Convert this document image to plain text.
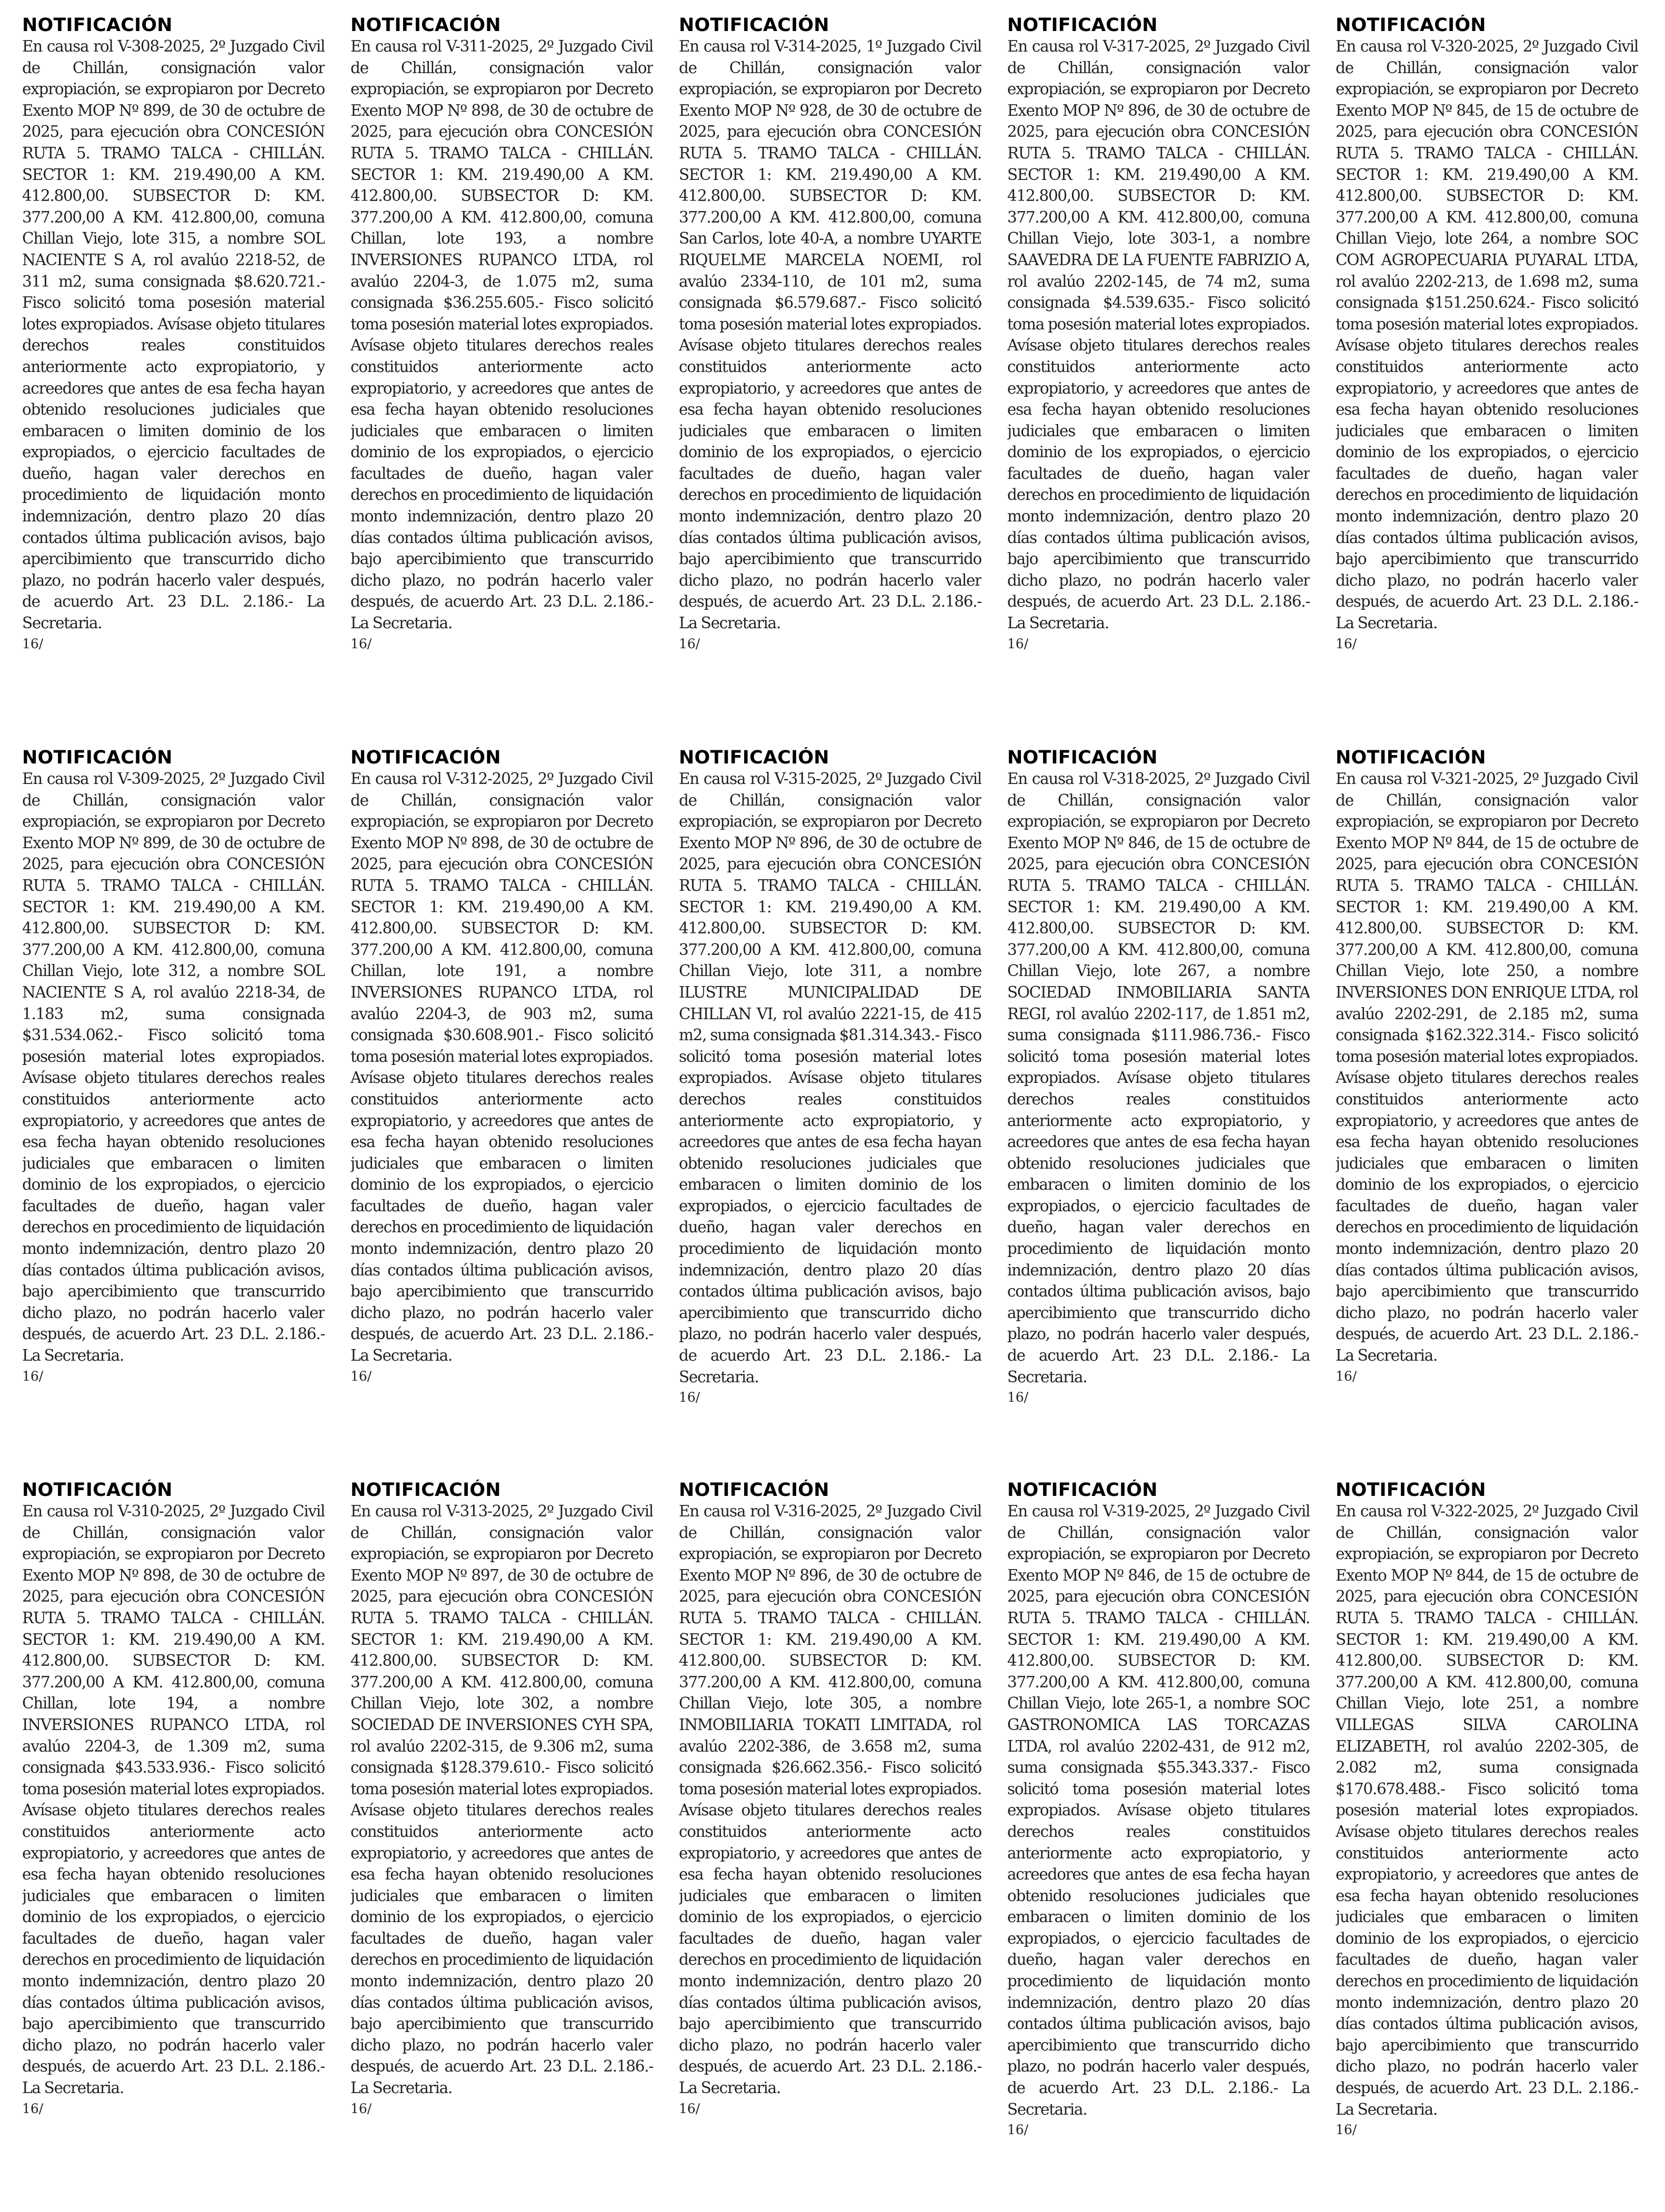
NOTIFICACIÓN

En causa rol V-308-2025, 2º Juzgado Civil de Chillán, consignación valor expropiación, se expropiaron por Decreto Exento MOP Nº 899, de 30 de octubre de 2025, para ejecución obra CONCESIÓN RUTA 5. TRAMO TALCA - CHILLÁN. SECTOR 1: KM. 219.490,00 A KM. 412.800,00. SUBSECTOR D: KM. 377.200,00 A KM. 412.800,00, comuna Chillan Viejo, lote 315, a nombre SOL NACIENTE S A, rol avalúo 2218-52, de 311 m2, suma consignada $8.620.721.- Fisco solicitó toma posesión material lotes expropiados. Avísase objeto titulares derechos reales constituidos anteriormente acto expropiatorio, y acreedores que antes de esa fecha hayan obtenido resoluciones judiciales que embaracen o limiten dominio de los expropiados, o ejercicio facultades de dueño, hagan valer derechos en procedimiento de liquidación monto indemnización, dentro plazo 20 días contados última publicación avisos, bajo apercibimiento que transcurrido dicho plazo, no podrán hacerlo valer después, de acuerdo Art. 23 D.L. 2.186.- La Secretaria.

16/
NOTIFICACIÓN

En causa rol V-311-2025, 2º Juzgado Civil de Chillán, consignación valor expropiación, se expropiaron por Decreto Exento MOP Nº 898, de 30 de octubre de 2025, para ejecución obra CONCESIÓN RUTA 5. TRAMO TALCA - CHILLÁN. SECTOR 1: KM. 219.490,00 A KM. 412.800,00. SUBSECTOR D: KM. 377.200,00 A KM. 412.800,00, comuna Chillan, lote 193, a nombre INVERSIONES RUPANCO LTDA, rol avalúo 2204-3, de 1.075 m2, suma consignada $36.255.605.- Fisco solicitó toma posesión material lotes expropiados. Avísase objeto titulares derechos reales constituidos anteriormente acto expropiatorio, y acreedores que antes de esa fecha hayan obtenido resoluciones judiciales que embaracen o limiten dominio de los expropiados, o ejercicio facultades de dueño, hagan valer derechos en procedimiento de liquidación monto indemnización, dentro plazo 20 días contados última publicación avisos, bajo apercibimiento que transcurrido dicho plazo, no podrán hacerlo valer después, de acuerdo Art. 23 D.L. 2.186.- La Secretaria.

16/
NOTIFICACIÓN

En causa rol V-314-2025, 1º Juzgado Civil de Chillán, consignación valor expropiación, se expropiaron por Decreto Exento MOP Nº 928, de 30 de octubre de 2025, para ejecución obra CONCESIÓN RUTA 5. TRAMO TALCA - CHILLÁN. SECTOR 1: KM. 219.490,00 A KM. 412.800,00. SUBSECTOR D: KM. 377.200,00 A KM. 412.800,00, comuna San Carlos, lote 40-A, a nombre UYARTE RIQUELME MARCELA NOEMI, rol avalúo 2334-110, de 101 m2, suma consignada $6.579.687.- Fisco solicitó toma posesión material lotes expropiados. Avísase objeto titulares derechos reales constituidos anteriormente acto expropiatorio, y acreedores que antes de esa fecha hayan obtenido resoluciones judiciales que embaracen o limiten dominio de los expropiados, o ejercicio facultades de dueño, hagan valer derechos en procedimiento de liquidación monto indemnización, dentro plazo 20 días contados última publicación avisos, bajo apercibimiento que transcurrido dicho plazo, no podrán hacerlo valer después, de acuerdo Art. 23 D.L. 2.186.- La Secretaria.

16/
NOTIFICACIÓN

En causa rol V-317-2025, 2º Juzgado Civil de Chillán, consignación valor expropiación, se expropiaron por Decreto Exento MOP Nº 896, de 30 de octubre de 2025, para ejecución obra CONCESIÓN RUTA 5. TRAMO TALCA - CHILLÁN. SECTOR 1: KM. 219.490,00 A KM. 412.800,00. SUBSECTOR D: KM. 377.200,00 A KM. 412.800,00, comuna Chillan Viejo, lote 303-1, a nombre SAAVEDRA DE LA FUENTE FABRIZIO A, rol avalúo 2202-145, de 74 m2, suma consignada $4.539.635.- Fisco solicitó toma posesión material lotes expropiados. Avísase objeto titulares derechos reales constituidos anteriormente acto expropiatorio, y acreedores que antes de esa fecha hayan obtenido resoluciones judiciales que embaracen o limiten dominio de los expropiados, o ejercicio facultades de dueño, hagan valer derechos en procedimiento de liquidación monto indemnización, dentro plazo 20 días contados última publicación avisos, bajo apercibimiento que transcurrido dicho plazo, no podrán hacerlo valer después, de acuerdo Art. 23 D.L. 2.186.- La Secretaria.

16/
NOTIFICACIÓN

En causa rol V-320-2025, 2º Juzgado Civil de Chillán, consignación valor expropiación, se expropiaron por Decreto Exento MOP Nº 845, de 15 de octubre de 2025, para ejecución obra CONCESIÓN RUTA 5. TRAMO TALCA - CHILLÁN. SECTOR 1: KM. 219.490,00 A KM. 412.800,00. SUBSECTOR D: KM. 377.200,00 A KM. 412.800,00, comuna Chillan Viejo, lote 264, a nombre SOC COM AGROPECUARIA PUYARAL LTDA, rol avalúo 2202-213, de 1.698 m2, suma consignada $151.250.624.- Fisco solicitó toma posesión material lotes expropiados. Avísase objeto titulares derechos reales constituidos anteriormente acto expropiatorio, y acreedores que antes de esa fecha hayan obtenido resoluciones judiciales que embaracen o limiten dominio de los expropiados, o ejercicio facultades de dueño, hagan valer derechos en procedimiento de liquidación monto indemnización, dentro plazo 20 días contados última publicación avisos, bajo apercibimiento que transcurrido dicho plazo, no podrán hacerlo valer después, de acuerdo Art. 23 D.L. 2.186.- La Secretaria.

16/
NOTIFICACIÓN

En causa rol V-309-2025, 2º Juzgado Civil de Chillán, consignación valor expropiación, se expropiaron por Decreto Exento MOP Nº 899, de 30 de octubre de 2025, para ejecución obra CONCESIÓN RUTA 5. TRAMO TALCA - CHILLÁN. SECTOR 1: KM. 219.490,00 A KM. 412.800,00. SUBSECTOR D: KM. 377.200,00 A KM. 412.800,00, comuna Chillan Viejo, lote 312, a nombre SOL NACIENTE S A, rol avalúo 2218-34, de 1.183 m2, suma consignada $31.534.062.- Fisco solicitó toma posesión material lotes expropiados. Avísase objeto titulares derechos reales constituidos anteriormente acto expropiatorio, y acreedores que antes de esa fecha hayan obtenido resoluciones judiciales que embaracen o limiten dominio de los expropiados, o ejercicio facultades de dueño, hagan valer derechos en procedimiento de liquidación monto indemnización, dentro plazo 20 días contados última publicación avisos, bajo apercibimiento que transcurrido dicho plazo, no podrán hacerlo valer después, de acuerdo Art. 23 D.L. 2.186.- La Secretaria.

16/
NOTIFICACIÓN

En causa rol V-312-2025, 2º Juzgado Civil de Chillán, consignación valor expropiación, se expropiaron por Decreto Exento MOP Nº 898, de 30 de octubre de 2025, para ejecución obra CONCESIÓN RUTA 5. TRAMO TALCA - CHILLÁN. SECTOR 1: KM. 219.490,00 A KM. 412.800,00. SUBSECTOR D: KM. 377.200,00 A KM. 412.800,00, comuna Chillan, lote 191, a nombre INVERSIONES RUPANCO LTDA, rol avalúo 2204-3, de 903 m2, suma consignada $30.608.901.- Fisco solicitó toma posesión material lotes expropiados. Avísase objeto titulares derechos reales constituidos anteriormente acto expropiatorio, y acreedores que antes de esa fecha hayan obtenido resoluciones judiciales que embaracen o limiten dominio de los expropiados, o ejercicio facultades de dueño, hagan valer derechos en procedimiento de liquidación monto indemnización, dentro plazo 20 días contados última publicación avisos, bajo apercibimiento que transcurrido dicho plazo, no podrán hacerlo valer después, de acuerdo Art. 23 D.L. 2.186.- La Secretaria.

16/
NOTIFICACIÓN

En causa rol V-315-2025, 2º Juzgado Civil de Chillán, consignación valor expropiación, se expropiaron por Decreto Exento MOP Nº 896, de 30 de octubre de 2025, para ejecución obra CONCESIÓN RUTA 5. TRAMO TALCA - CHILLÁN. SECTOR 1: KM. 219.490,00 A KM. 412.800,00. SUBSECTOR D: KM. 377.200,00 A KM. 412.800,00, comuna Chillan Viejo, lote 311, a nombre ILUSTRE MUNICIPALIDAD DE CHILLAN VI, rol avalúo 2221-15, de 415 m2, suma consignada $81.314.343.- Fisco solicitó toma posesión material lotes expropiados. Avísase objeto titulares derechos reales constituidos anteriormente acto expropiatorio, y acreedores que antes de esa fecha hayan obtenido resoluciones judiciales que embaracen o limiten dominio de los expropiados, o ejercicio facultades de dueño, hagan valer derechos en procedimiento de liquidación monto indemnización, dentro plazo 20 días contados última publicación avisos, bajo apercibimiento que transcurrido dicho plazo, no podrán hacerlo valer después, de acuerdo Art. 23 D.L. 2.186.- La Secretaria.

16/
NOTIFICACIÓN

En causa rol V-318-2025, 2º Juzgado Civil de Chillán, consignación valor expropiación, se expropiaron por Decreto Exento MOP Nº 846, de 15 de octubre de 2025, para ejecución obra CONCESIÓN RUTA 5. TRAMO TALCA - CHILLÁN. SECTOR 1: KM. 219.490,00 A KM. 412.800,00. SUBSECTOR D: KM. 377.200,00 A KM. 412.800,00, comuna Chillan Viejo, lote 267, a nombre SOCIEDAD INMOBILIARIA SANTA REGI, rol avalúo 2202-117, de 1.851 m2, suma consignada $111.986.736.- Fisco solicitó toma posesión material lotes expropiados. Avísase objeto titulares derechos reales constituidos anteriormente acto expropiatorio, y acreedores que antes de esa fecha hayan obtenido resoluciones judiciales que embaracen o limiten dominio de los expropiados, o ejercicio facultades de dueño, hagan valer derechos en procedimiento de liquidación monto indemnización, dentro plazo 20 días contados última publicación avisos, bajo apercibimiento que transcurrido dicho plazo, no podrán hacerlo valer después, de acuerdo Art. 23 D.L. 2.186.- La Secretaria.

16/
NOTIFICACIÓN

En causa rol V-321-2025, 2º Juzgado Civil de Chillán, consignación valor expropiación, se expropiaron por Decreto Exento MOP Nº 844, de 15 de octubre de 2025, para ejecución obra CONCESIÓN RUTA 5. TRAMO TALCA - CHILLÁN. SECTOR 1: KM. 219.490,00 A KM. 412.800,00. SUBSECTOR D: KM. 377.200,00 A KM. 412.800,00, comuna Chillan Viejo, lote 250, a nombre INVERSIONES DON ENRIQUE LTDA, rol avalúo 2202-291, de 2.185 m2, suma consignada $162.322.314.- Fisco solicitó toma posesión material lotes expropiados. Avísase objeto titulares derechos reales constituidos anteriormente acto expropiatorio, y acreedores que antes de esa fecha hayan obtenido resoluciones judiciales que embaracen o limiten dominio de los expropiados, o ejercicio facultades de dueño, hagan valer derechos en procedimiento de liquidación monto indemnización, dentro plazo 20 días contados última publicación avisos, bajo apercibimiento que transcurrido dicho plazo, no podrán hacerlo valer después, de acuerdo Art. 23 D.L. 2.186.- La Secretaria.

16/
NOTIFICACIÓN

En causa rol V-310-2025, 2º Juzgado Civil de Chillán, consignación valor expropiación, se expropiaron por Decreto Exento MOP Nº 898, de 30 de octubre de 2025, para ejecución obra CONCESIÓN RUTA 5. TRAMO TALCA - CHILLÁN. SECTOR 1: KM. 219.490,00 A KM. 412.800,00. SUBSECTOR D: KM. 377.200,00 A KM. 412.800,00, comuna Chillan, lote 194, a nombre INVERSIONES RUPANCO LTDA, rol avalúo 2204-3, de 1.309 m2, suma consignada $43.533.936.- Fisco solicitó toma posesión material lotes expropiados. Avísase objeto titulares derechos reales constituidos anteriormente acto expropiatorio, y acreedores que antes de esa fecha hayan obtenido resoluciones judiciales que embaracen o limiten dominio de los expropiados, o ejercicio facultades de dueño, hagan valer derechos en procedimiento de liquidación monto indemnización, dentro plazo 20 días contados última publicación avisos, bajo apercibimiento que transcurrido dicho plazo, no podrán hacerlo valer después, de acuerdo Art. 23 D.L. 2.186.- La Secretaria.

16/
NOTIFICACIÓN

En causa rol V-313-2025, 2º Juzgado Civil de Chillán, consignación valor expropiación, se expropiaron por Decreto Exento MOP Nº 897, de 30 de octubre de 2025, para ejecución obra CONCESIÓN RUTA 5. TRAMO TALCA - CHILLÁN. SECTOR 1: KM. 219.490,00 A KM. 412.800,00. SUBSECTOR D: KM. 377.200,00 A KM. 412.800,00, comuna Chillan Viejo, lote 302, a nombre SOCIEDAD DE INVERSIONES CYH SPA, rol avalúo 2202-315, de 9.306 m2, suma consignada $128.379.610.- Fisco solicitó toma posesión material lotes expropiados. Avísase objeto titulares derechos reales constituidos anteriormente acto expropiatorio, y acreedores que antes de esa fecha hayan obtenido resoluciones judiciales que embaracen o limiten dominio de los expropiados, o ejercicio facultades de dueño, hagan valer derechos en procedimiento de liquidación monto indemnización, dentro plazo 20 días contados última publicación avisos, bajo apercibimiento que transcurrido dicho plazo, no podrán hacerlo valer después, de acuerdo Art. 23 D.L. 2.186.- La Secretaria.

16/
NOTIFICACIÓN

En causa rol V-316-2025, 2º Juzgado Civil de Chillán, consignación valor expropiación, se expropiaron por Decreto Exento MOP Nº 896, de 30 de octubre de 2025, para ejecución obra CONCESIÓN RUTA 5. TRAMO TALCA - CHILLÁN. SECTOR 1: KM. 219.490,00 A KM. 412.800,00. SUBSECTOR D: KM. 377.200,00 A KM. 412.800,00, comuna Chillan Viejo, lote 305, a nombre INMOBILIARIA TOKATI LIMITADA, rol avalúo 2202-386, de 3.658 m2, suma consignada $26.662.356.- Fisco solicitó toma posesión material lotes expropiados. Avísase objeto titulares derechos reales constituidos anteriormente acto expropiatorio, y acreedores que antes de esa fecha hayan obtenido resoluciones judiciales que embaracen o limiten dominio de los expropiados, o ejercicio facultades de dueño, hagan valer derechos en procedimiento de liquidación monto indemnización, dentro plazo 20 días contados última publicación avisos, bajo apercibimiento que transcurrido dicho plazo, no podrán hacerlo valer después, de acuerdo Art. 23 D.L. 2.186.- La Secretaria.

16/
NOTIFICACIÓN

En causa rol V-319-2025, 2º Juzgado Civil de Chillán, consignación valor expropiación, se expropiaron por Decreto Exento MOP Nº 846, de 15 de octubre de 2025, para ejecución obra CONCESIÓN RUTA 5. TRAMO TALCA - CHILLÁN. SECTOR 1: KM. 219.490,00 A KM. 412.800,00. SUBSECTOR D: KM. 377.200,00 A KM. 412.800,00, comuna Chillan Viejo, lote 265-1, a nombre SOC GASTRONOMICA LAS TORCAZAS LTDA, rol avalúo 2202-431, de 912 m2, suma consignada $55.343.337.- Fisco solicitó toma posesión material lotes expropiados. Avísase objeto titulares derechos reales constituidos anteriormente acto expropiatorio, y acreedores que antes de esa fecha hayan obtenido resoluciones judiciales que embaracen o limiten dominio de los expropiados, o ejercicio facultades de dueño, hagan valer derechos en procedimiento de liquidación monto indemnización, dentro plazo 20 días contados última publicación avisos, bajo apercibimiento que transcurrido dicho plazo, no podrán hacerlo valer después, de acuerdo Art. 23 D.L. 2.186.- La Secretaria.

16/
NOTIFICACIÓN

En causa rol V-322-2025, 2º Juzgado Civil de Chillán, consignación valor expropiación, se expropiaron por Decreto Exento MOP Nº 844, de 15 de octubre de 2025, para ejecución obra CONCESIÓN RUTA 5. TRAMO TALCA - CHILLÁN. SECTOR 1: KM. 219.490,00 A KM. 412.800,00. SUBSECTOR D: KM. 377.200,00 A KM. 412.800,00, comuna Chillan Viejo, lote 251, a nombre VILLEGAS SILVA CAROLINA ELIZABETH, rol avalúo 2202-305, de 2.082 m2, suma consignada $170.678.488.- Fisco solicitó toma posesión material lotes expropiados. Avísase objeto titulares derechos reales constituidos anteriormente acto expropiatorio, y acreedores que antes de esa fecha hayan obtenido resoluciones judiciales que embaracen o limiten dominio de los expropiados, o ejercicio facultades de dueño, hagan valer derechos en procedimiento de liquidación monto indemnización, dentro plazo 20 días contados última publicación avisos, bajo apercibimiento que transcurrido dicho plazo, no podrán hacerlo valer después, de acuerdo Art. 23 D.L. 2.186.- La Secretaria.

16/
